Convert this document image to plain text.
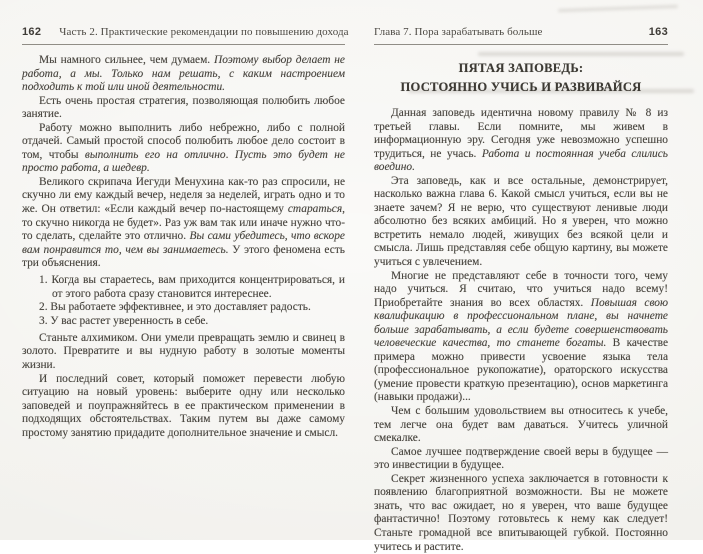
162 Часть 2. Практические рекомендации по повышению дохода

Мы намного сильнее, чем думаем. Поэтому выбор делает не работа, а мы. Только нам решать, с каким настроением подходить к той или иной деятельности.

Есть очень простая стратегия, позволяющая полюбить любое занятие.

Работу можно выполнить либо небрежно, либо с полной отдачей. Самый простой способ полюбить любое дело состоит в том, чтобы выполнить его на отлично. Пусть это будет не просто работа, а шедевр.

Великого скрипача Иегуди Менухина как-то раз спросили, не скучно ли ему каждый вечер, неделя за неделей, играть одно и то же. Он ответил: «Если каждый вечер по-настоящему стараться, то скучно никогда не будет». Раз уж вам так или иначе нужно что-то сделать, сделайте это отлично. Вы сами убедитесь, что вскоре вам понравится то, чем вы занимаетесь. У этого феномена есть три объяснения.

1. Когда вы стараетесь, вам приходится концентрироваться, и от этого работа сразу становится интереснее.

2. Вы работаете эффективнее, и это доставляет радость.

3. У вас растет уверенность в себе.

Станьте алхимиком. Они умели превращать землю и свинец в золото. Превратите и вы нудную работу в золотые моменты жизни.

И последний совет, который поможет перевести любую ситуацию на новый уровень: выберите одну или несколько заповедей и поупражняйтесь в ее практическом применении в подходящих обстоятельствах. Таким путем вы даже самому простому занятию придадите дополнительное значение и смысл.

Глава 7. Пора зарабатывать больше	163
ПЯТАЯ ЗАПОВЕДЬ:
ПОСТОЯННО УЧИСЬ И РАЗВИВАЙСЯ

Данная заповедь идентична новому правилу № 8 из третьей главы. Если помните, мы живем в информационную эру. Сегодня уже невозможно успешно трудиться, не учась. Работа и постоянная учеба слились воедино.

Эта заповедь, как и все остальные, демонстрирует, насколько важна глава 6. Какой смысл учиться, если вы не знаете зачем? Я не верю, что существуют ленивые люди абсолютно без всяких амбиций. Но я уверен, что можно встретить немало людей, живущих без всякой цели и смысла. Лишь представляя себе общую картину, вы можете учиться с увлечением.

Многие не представляют себе в точности того, чему надо учиться. Я считаю, что учиться надо всему! Приобретайте знания во всех областях. Повышая свою квалификацию в профессиональном плане, вы начнете больше зарабатывать, а если будете совершенствовать человеческие качества, то станете богаты. В качестве примера можно привести усвоение языка тела (профессиональное рукопожатие), ораторского искусства (умение провести краткую презентацию), основ маркетинга (навыки продажи)...

Чем с большим удовольствием вы относитесь к учебе, тем легче она будет вам даваться. Учитесь уличной смекалке.

Самое лучшее подтверждение своей веры в будущее — это инвестиции в будущее.

Секрет жизненного успеха заключается в готовности к появлению благоприятной возможности. Вы не можете знать, что вас ожидает, но я уверен, что ваше будущее фантастично! Поэтому готовьтесь к нему как следует! Станьте громадной все впитывающей губкой. Постоянно учитесь и растите.
